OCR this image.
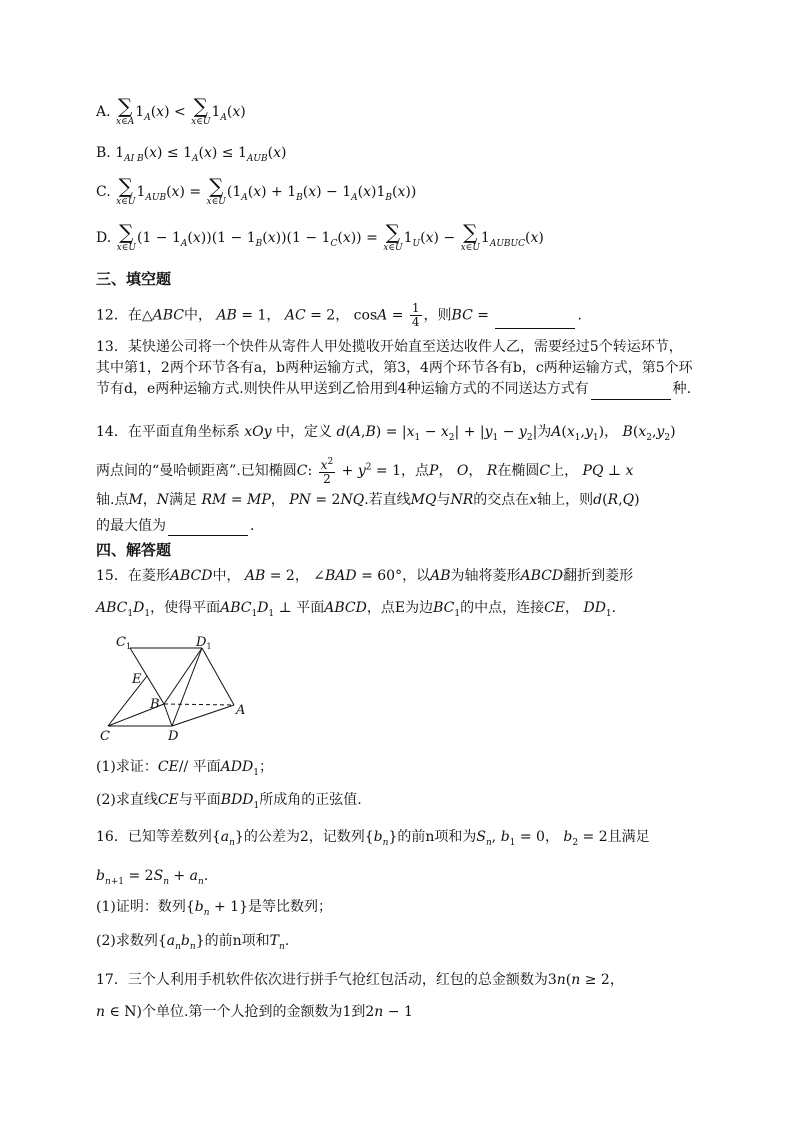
A. ∑
x∈A
$1_A(x)$ < ∑
x∈U
$1_A(x)$
B. $1_{AI B}(x) \le 1_A(x) \le 1_{AUB}(x)$
C. ∑
x∈U
$1_{AUB}(x)$ = ∑
x∈U
$(1_A(x) + 1_B(x) - 1_A(x)1_B(x))$
D. ∑
x∈U
$(1 - 1_A(x))(1 - 1_B(x))(1 - 1_C(x))$ = ∑
x∈U
$1_U(x)$ − ∑
x∈U
$1_{AUBUC}(x)$
三、填空题
12．在△ABC中， AB = 1， AC = 2， $\cos A = \frac{1}{4}$ ，则BC =	.
13．某快递公司将一个快件从寄件人甲处揽收开始直至送达收件人乙，需要经过5个转运环节，其中第1，2两个环节各有a，b两种运输方式，第3，4两个环节各有b，c两种运输方式，第5个环节有d，e两种运输方式.则快件从甲送到乙恰用到4种运输方式的不同送达方式有	种.
14．在平面直角坐标系 xOy 中，定义 $d(A,B) = |x_1 - x_2| + |y_1 - y_2|$为$A(x_1,y_1)$， $B(x_2,y_2)$
两点间的“曼哈顿距离”.已知椭圆C: $\frac{x^2}{2} + y^2 = 1$，点P， O， R在椭圆C上， PQ ⊥ x
轴.点M，N满足 RM = MP， PN = 2NQ.若直线MQ与NR的交点在x轴上，则d(R,Q)
的最大值为	.
四、解答题
15．在菱形ABCD中， AB = 2， ∠BAD = 60°，以AB为轴将菱形ABCD翻折到菱形
$ABC_1D_1$，使得平面$ABC_1D_1$ ⊥ 平面ABCD，点E为边$BC_1$的中点，连接CE， $DD_1$.
$C_1$	$D_1$
E
B	A
C	D
(1)求证：CE// 平面$ADD_1$；
(2)求直线CE与平面$BDD_1$所成角的正弦值.
16．已知等差数列$\{a_n\}$的公差为2，记数列$\{b_n\}$的前n项和为$S_n$, $b_1 = 0$， $b_2 = 2$且满足
$b_{n+1} = 2S_n + a_n$.
(1)证明：数列$\{b_n + 1\}$是等比数列；
(2)求数列$\{a_nb_n\}$的前n项和$T_n$.
17．三个人利用手机软件依次进行拼手气抢红包活动，红包的总金额数为3n(n ≥ 2，
n ∈ N)个单位.第一个人抢到的金额数为1到2n − 1
